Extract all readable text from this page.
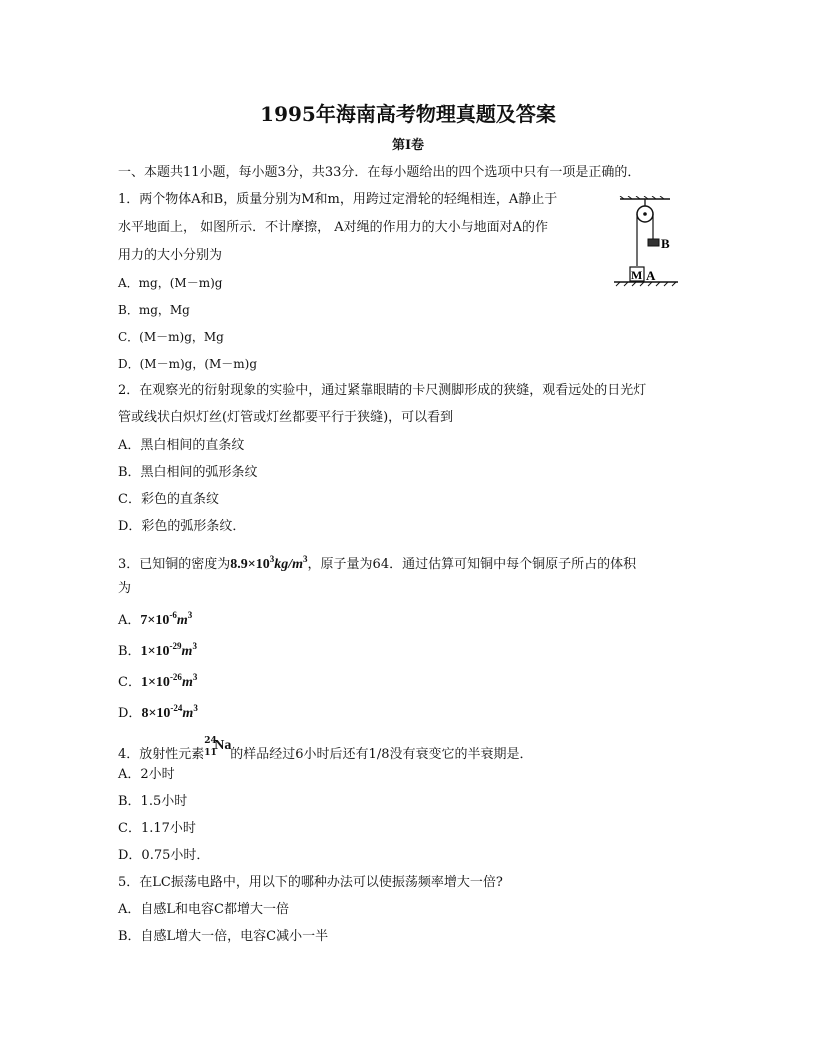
1995年海南高考物理真题及答案
第Ⅰ卷
一、本题共11小题，每小题3分，共33分．在每小题给出的四个选项中只有一项是正确的．
1．两个物体A和B，质量分别为M和m，用跨过定滑轮的轻绳相连，A静止于
水平地面上， 如图所示．不计摩擦， A对绳的作用力的大小与地面对A的作
用力的大小分别为
A．mg，(M－m)g
B．mg，Mg
C．(M－m)g，Mg
D．(M－m)g，(M－m)g
B
M A
2．在观察光的衍射现象的实验中，通过紧靠眼睛的卡尺测脚形成的狭缝，观看远处的日光灯
管或线状白炽灯丝(灯管或灯丝都要平行于狭缝)，可以看到
A．黑白相间的直条纹
B．黑白相间的弧形条纹
C．彩色的直条纹
D．彩色的弧形条纹．
3．已知铜的密度为$8.9\times 10^3kg/m^3$，原子量为64．通过估算可知铜中每个铜原子所占的体积
为
A．$7\times 10^{-6}m^3$
B．$1\times 10^{-29}m^3$
C．$1\times 10^{-26}m^3$
D．$8\times 10^{-24}m^3$
4．放射性元素
24
11
Na
的样品经过6小时后还有1/8没有衰变它的半衰期是．
A．2小时
B．1.5小时
C．1.17小时
D．0.75小时．
5．在LC振荡电路中，用以下的哪种办法可以使振荡频率增大一倍?
A．自感L和电容C都增大一倍
B．自感L增大一倍，电容C减小一半
